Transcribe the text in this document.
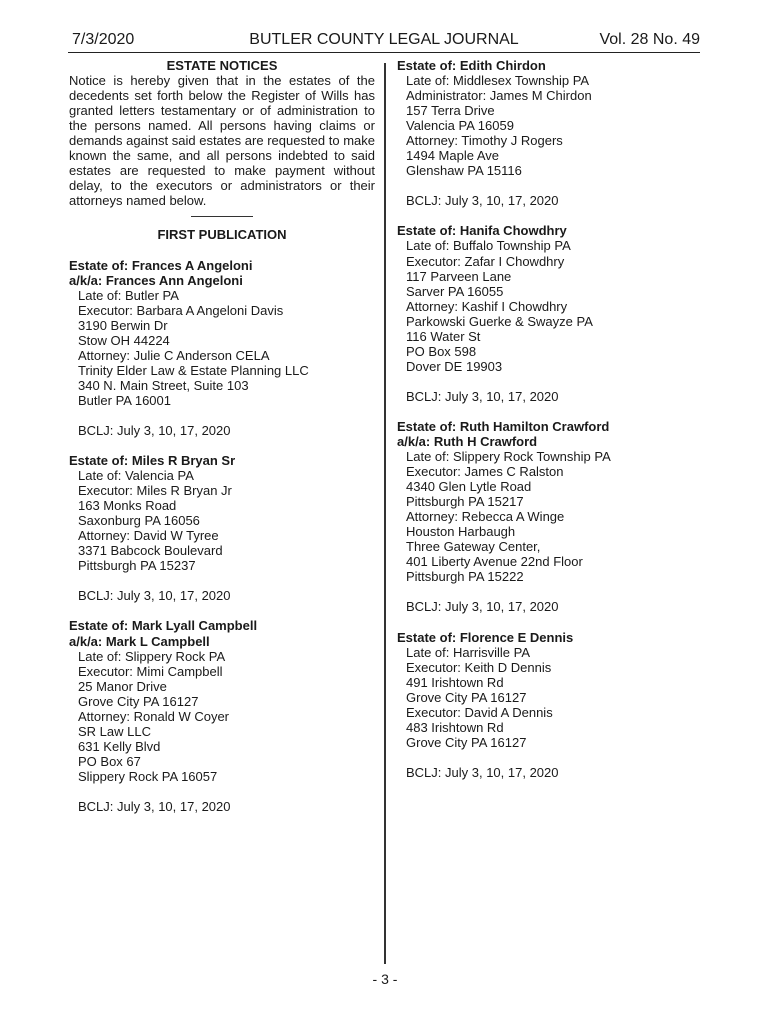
7/3/2020	BUTLER COUNTY LEGAL JOURNAL	Vol. 28 No. 49
ESTATE NOTICES
Notice is hereby given that in the estates of the decedents set forth below the Register of Wills has granted letters testamentary or of administration to the persons named. All persons having claims or demands against said estates are requested to make known the same, and all persons indebted to said estates are requested to make payment without delay, to the executors or administrators or their attorneys named below.
FIRST PUBLICATION
Estate of: Frances A Angeloni
a/k/a: Frances Ann Angeloni
Late of: Butler PA
Executor: Barbara A Angeloni Davis
3190 Berwin Dr
Stow OH 44224
Attorney: Julie C Anderson CELA
Trinity Elder Law & Estate Planning LLC
340 N. Main Street, Suite 103
Butler PA 16001
BCLJ: July 3, 10, 17, 2020
Estate of: Miles R Bryan Sr
Late of: Valencia PA
Executor: Miles R Bryan Jr
163 Monks Road
Saxonburg PA 16056
Attorney: David W Tyree
3371 Babcock Boulevard
Pittsburgh PA 15237
BCLJ: July 3, 10, 17, 2020
Estate of: Mark Lyall Campbell
a/k/a: Mark L Campbell
Late of: Slippery Rock PA
Executor: Mimi Campbell
25 Manor Drive
Grove City PA 16127
Attorney: Ronald W Coyer
SR Law LLC
631 Kelly Blvd
PO Box 67
Slippery Rock PA 16057
BCLJ: July 3, 10, 17, 2020
Estate of: Edith Chirdon
Late of: Middlesex Township PA
Administrator: James M Chirdon
157 Terra Drive
Valencia PA 16059
Attorney: Timothy J Rogers
1494 Maple Ave
Glenshaw PA 15116
BCLJ: July 3, 10, 17, 2020
Estate of: Hanifa Chowdhry
Late of: Buffalo Township PA
Executor: Zafar I Chowdhry
117 Parveen Lane
Sarver PA 16055
Attorney: Kashif I Chowdhry
Parkowski Guerke & Swayze PA
116 Water St
PO Box 598
Dover DE 19903
BCLJ: July 3, 10, 17, 2020
Estate of: Ruth Hamilton Crawford
a/k/a: Ruth H Crawford
Late of: Slippery Rock Township PA
Executor: James C Ralston
4340 Glen Lytle Road
Pittsburgh PA 15217
Attorney: Rebecca A Winge
Houston Harbaugh
Three Gateway Center,
401 Liberty Avenue 22nd Floor
Pittsburgh PA 15222
BCLJ: July 3, 10, 17, 2020
Estate of: Florence E Dennis
Late of: Harrisville PA
Executor: Keith D Dennis
491 Irishtown Rd
Grove City PA 16127
Executor: David A Dennis
483 Irishtown Rd
Grove City PA 16127
BCLJ: July 3, 10, 17, 2020
- 3 -
